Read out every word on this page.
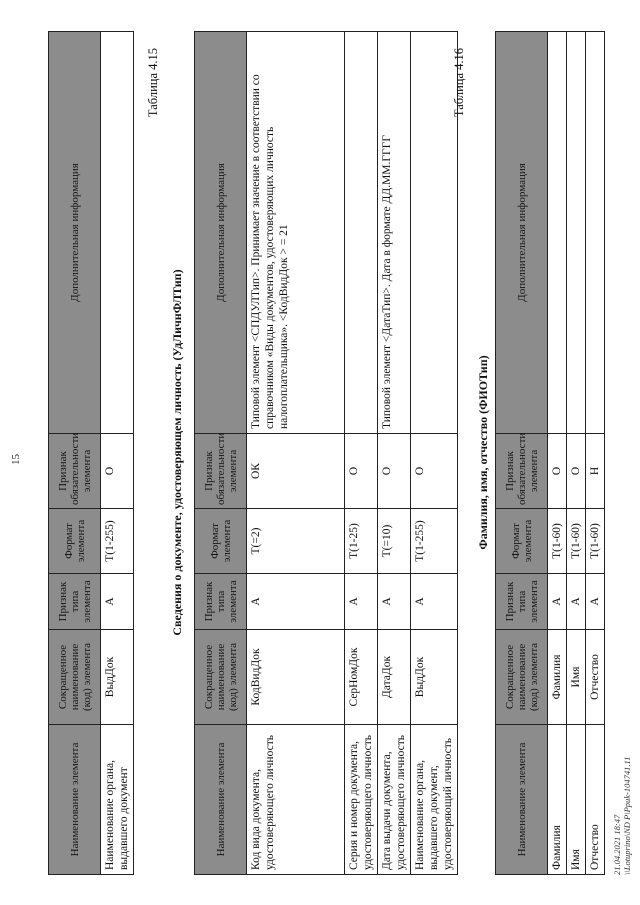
15
Наименование элемента	Сокращенное наименование (код) элемента	Признак типа элемента	Формат элемента	Признак обязательности элемента	Дополнительная информация
Наименование органа, выдавшего документ	ВыдДок	А	T(1-255)	О	
Таблица 4.15
Сведения о документе, удостоверяющем личность (УдЛичнФЛТип)
Наименование элемента	Сокращенное наименование (код) элемента	Признак типа элемента	Формат элемента	Признак обязательности элемента	Дополнительная информация
Код вида документа, удостоверяющего личность	КодВидДок	А	T(=2)	ОК	Типовой элемент <СПДУЛТип>. Принимает значение в соответствии со справочником «Виды документов, удостоверяющих личность налогоплательщика». <КодВидДок > = 21
Серия и номер документа, удостоверяющего личность	СерНомДок	А	T(1-25)	О	
Дата выдачи документа, удостоверяющего личность	ДатаДок	А	T(=10)	О	Типовой элемент <ДатаТип>. Дата в формате ДД.ММ.ГГГГ
Наименование органа, выдавшего документ, удостоверяющий личность	ВыдДок	А	T(1-255)	О	
Таблица 4.16
Фамилия, имя, отчество (ФИОТип)
Наименование элемента	Сокращенное наименование (код) элемента	Признак типа элемента	Формат элемента	Признак обязательности элемента	Дополнительная информация
Фамилия	Фамилия	А	T(1-60)	О	
Имя	Имя	А	T(1-60)	О	
Отчество	Отчество	А	T(1-60)	Н	
21.04.2021 18:47 \\Lotuprino\ND P\Ppuk-104741.11
